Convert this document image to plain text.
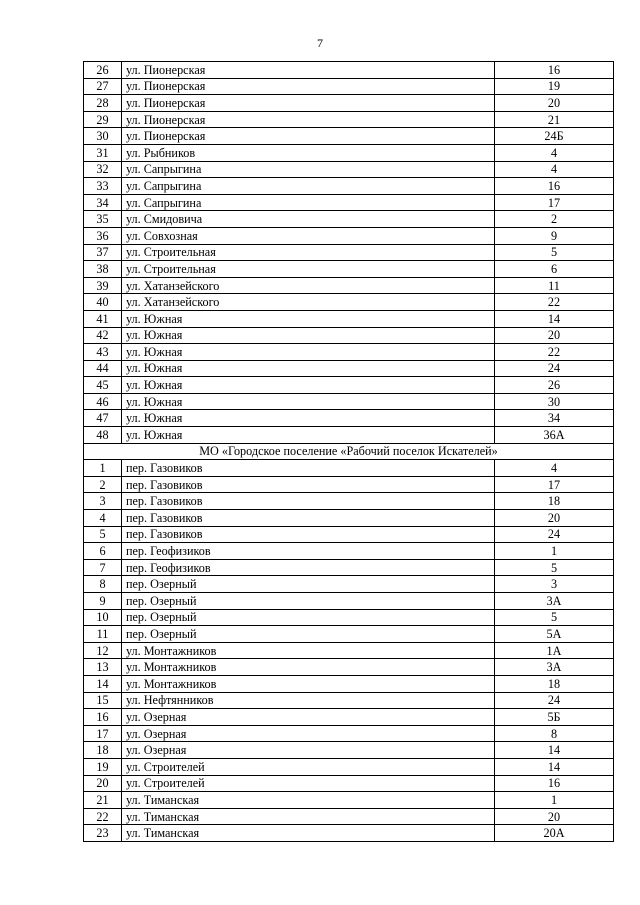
7
26	ул. Пионерская	16
27	ул. Пионерская	19
28	ул. Пионерская	20
29	ул. Пионерская	21
30	ул. Пионерская	24Б
31	ул. Рыбников	4
32	ул. Сапрыгина	4
33	ул. Сапрыгина	16
34	ул. Сапрыгина	17
35	ул. Смидовича	2
36	ул. Совхозная	9
37	ул. Строительная	5
38	ул. Строительная	6
39	ул. Хатанзейского	11
40	ул. Хатанзейского	22
41	ул. Южная	14
42	ул. Южная	20
43	ул. Южная	22
44	ул. Южная	24
45	ул. Южная	26
46	ул. Южная	30
47	ул. Южная	34
48	ул. Южная	36А
МО «Городское поселение «Рабочий поселок Искателей»		
1	пер. Газовиков	4
2	пер. Газовиков	17
3	пер. Газовиков	18
4	пер. Газовиков	20
5	пер. Газовиков	24
6	пер. Геофизиков	1
7	пер. Геофизиков	5
8	пер. Озерный	3
9	пер. Озерный	3А
10	пер. Озерный	5
11	пер. Озерный	5А
12	ул. Монтажников	1А
13	ул. Монтажников	3А
14	ул. Монтажников	18
15	ул. Нефтянников	24
16	ул. Озерная	5Б
17	ул. Озерная	8
18	ул. Озерная	14
19	ул. Строителей	14
20	ул. Строителей	16
21	ул. Тиманская	1
22	ул. Тиманская	20
23	ул. Тиманская	20А
